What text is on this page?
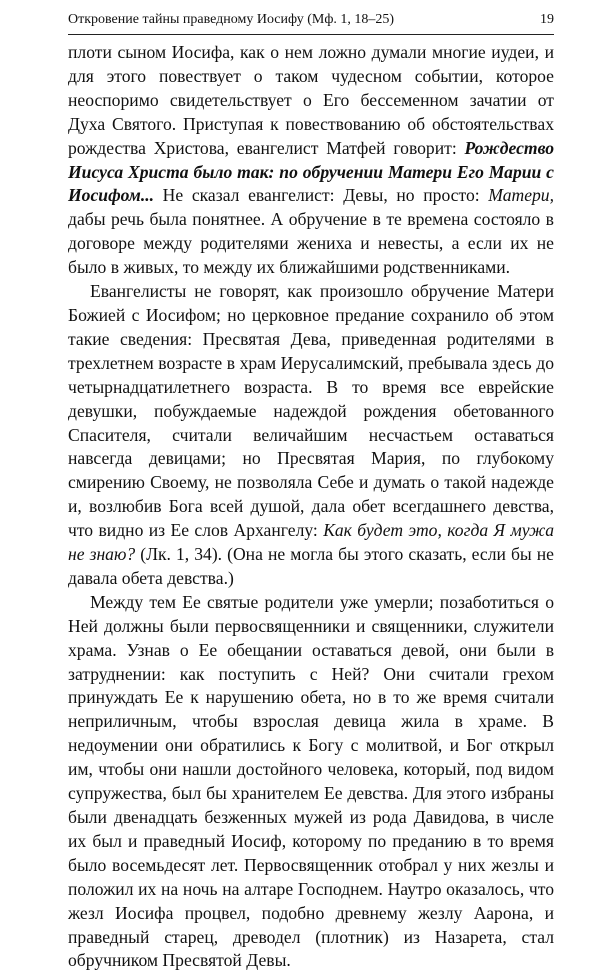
Откровение тайны праведному Иосифу (Мф. 1, 18–25)	19

плоти сыном Иосифа, как о нем ложно думали многие иудеи, и для этого повествует о таком чудесном событии, которое неоспоримо свидетельствует о Его бессеменном зачатии от Духа Святого. Приступая к повествованию об обстоятельствах рождества Христова, евангелист Матфей говорит: Рождество Иисуса Христа было так: по обручении Матери Его Марии с Иосифом... Не сказал евангелист: Девы, но просто: Матери, дабы речь была понятнее. А обручение в те времена состояло в договоре между родителями жениха и невесты, а если их не было в живых, то между их ближайшими родственниками.

Евангелисты не говорят, как произошло обручение Матери Божией с Иосифом; но церковное предание сохранило об этом такие сведения: Пресвятая Дева, приведенная родителями в трехлетнем возрасте в храм Иерусалимский, пребывала здесь до четырнадцатилетнего возраста. В то время все еврейские девушки, побуждаемые надеждой рождения обетованного Спасителя, считали величайшим несчастьем оставаться навсегда девицами; но Пресвятая Мария, по глубокому смирению Своему, не позволяла Себе и думать о такой надежде и, возлюбив Бога всей душой, дала обет всегдашнего девства, что видно из Ее слов Архангелу: Как будет это, когда Я мужа не знаю? (Лк. 1, 34). (Она не могла бы этого сказать, если бы не давала обета девства.)

Между тем Ее святые родители уже умерли; позаботиться о Ней должны были первосвященники и священники, служители храма. Узнав о Ее обещании оставаться девой, они были в затруднении: как поступить с Ней? Они считали грехом принуждать Ее к нарушению обета, но в то же время считали неприличным, чтобы взрослая девица жила в храме. В недоумении они обратились к Богу с молитвой, и Бог открыл им, чтобы они нашли достойного человека, который, под видом супружества, был бы хранителем Ее девства. Для этого избраны были двенадцать безженных мужей из рода Давидова, в числе их был и праведный Иосиф, которому по преданию в то время было восемьдесят лет. Первосвященник отобрал у них жезлы и положил их на ночь на алтаре Господнем. Наутро оказалось, что жезл Иосифа процвел, подобно древнему жезлу Аарона, и праведный старец, древодел (плотник) из Назарета, стал обручником Пресвятой Девы.
